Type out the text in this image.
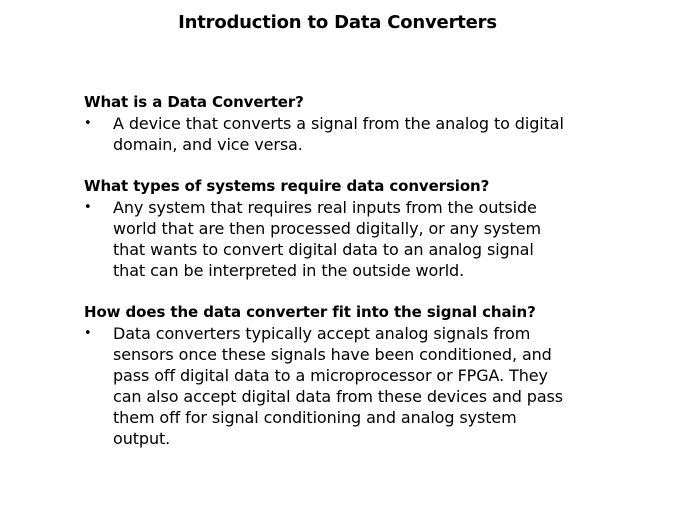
Introduction to Data Converters
What is a Data Converter?
• A device that converts a signal from the analog to digital
domain, and vice versa.
What types of systems require data conversion?
• Any system that requires real inputs from the outside
world that are then processed digitally, or any system
that wants to convert digital data to an analog signal
that can be interpreted in the outside world.
How does the data converter fit into the signal chain?
• Data converters typically accept analog signals from
sensors once these signals have been conditioned, and
pass off digital data to a microprocessor or FPGA. They
can also accept digital data from these devices and pass
them off for signal conditioning and analog system
output.
